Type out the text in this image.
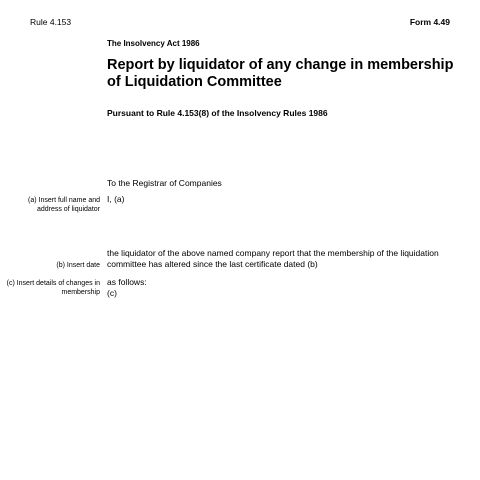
Rule 4.153	Form 4.49
The Insolvency Act 1986
Report by liquidator of any change in membership of Liquidation Committee
Pursuant to Rule 4.153(8) of the Insolvency Rules 1986
To the Registrar of Companies
(a) Insert full name and address of liquidator
I, (a)
the liquidator of the above named company report that the membership of the liquidation committee has altered since the last certificate dated (b)
(b) Insert date
(c) Insert details of changes in membership
as follows:
(c)
